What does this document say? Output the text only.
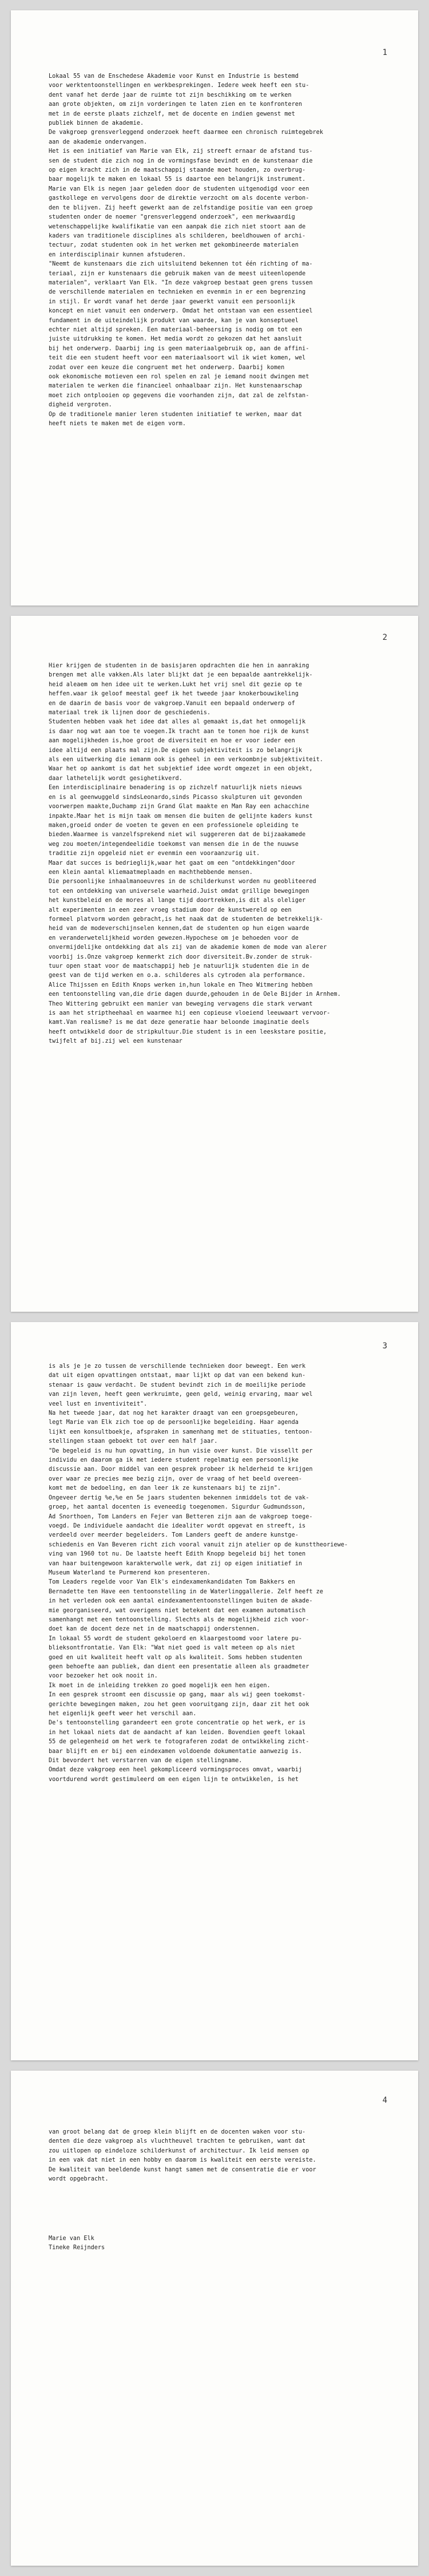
1
Lokaal 55 van de Enschedese Akademie voor Kunst en Industrie is bestemd
voor werktentoonstellingen en werkbesprekingen. Iedere week heeft een stu-
dent vanaf het derde jaar de ruimte tot zijn beschikking om te werken
aan grote objekten, om zijn vorderingen te laten zien en te konfronteren
met in de eerste plaats zichzelf, met de docente en indien gewenst met
publiek binnen de akademie.
De vakgroep grensverleggend onderzoek heeft daarmee een chronisch ruimtegebrek
aan de akademie ondervangen.
Het is een initiatief van Marie van Elk, zij streeft ernaar de afstand tus-
sen de student die zich nog in de vormingsfase bevindt en de kunstenaar die
op eigen kracht zich in de maatschappij staande moet houden, zo overbrug-
baar mogelijk te maken en lokaal 55 is daartoe een belangrijk instrument.
Marie van Elk is negen jaar geleden door de studenten uitgenodigd voor een
gastkollege en vervolgens door de direktie verzocht om als docente verbon-
den te blijven. Zij heeft gewerkt aan de zelfstandige positie van een groep
studenten onder de noemer "grensverleggend onderzoek", een merkwaardig
wetenschappelijke kwalifikatie van een aanpak die zich niet stoort aan de
kaders van traditionele disciplines als schilderen, beeldhouwen of archi-
tectuur, zodat studenten ook in het werken met gekombineerde materialen
en interdisciplinair kunnen afstuderen.
"Neemt de kunstenaars die zich uitsluitend bekennen tot één richting of ma-
teriaal, zijn er kunstenaars die gebruik maken van de meest uiteenlopende
materialen", verklaart Van Elk. "In deze vakgroep bestaat geen grens tussen
de verschillende materialen en technieken en evenmin in er een begrenzing
in stijl. Er wordt vanaf het derde jaar gewerkt vanuit een persoonlijk
koncept en niet vanuit een onderwerp. Omdat het ontstaan van een essentieel
fundament in de uiteindelijk produkt van waarde, kan je van konseptueel
echter niet altijd spreken. Een materiaal-beheersing is nodig om tot een
juiste uitdrukking te komen. Het media wordt zo gekozen dat het aansluit
bij het onderwerp. Daarbij ing is geen materiaalgebruik op, aan de affini-
teit die een student heeft voor een materiaalsoort wil ik wiet komen, wel
zodat over een keuze die congruent met het onderwerp. Daarbij komen
ook ekonomische motieven een rol spelen en zal je iemand nooit dwingen met
materialen te werken die financieel onhaalbaar zijn. Het kunstenaarschap
moet zich ontplooien op gegevens die voorhanden zijn, dat zal de zelfstan-
digheid vergroten.
Op de traditionele manier leren studenten initiatief te werken, maar dat
heeft niets te maken met de eigen vorm.
2
Hier krijgen de studenten in de basisjaren opdrachten die hen in aanraking
brengen met alle vakken.Als later blijkt dat je een bepaalde aantrekkelijk-
heid aleaem om hen idee uit te werken.Lukt het vrij snel dit gezie op te
heffen.waar ik geloof meestal geef ik het tweede jaar knokerbouwikeling
en de daarin de basis voor de vakgroep.Vanuit een bepaald onderwerp of
materiaal trek ik lijnen door de geschiedenis.
Studenten hebben vaak het idee dat alles al gemaakt is,dat het onmogelijk
is daar nog wat aan toe te voegen.Ik tracht aan te tonen hoe rijk de kunst
aan mogelijkheden is,hoe groot de diversiteit en hoe er voor ieder een
idee altijd een plaats mal zijn.De eigen subjektiviteit is zo belangrijk
als een uitwerking die iemanm ook is geheel in een verkoombnje subjektiviteit.
Waar het op aankomt is dat het subjektief idee wordt omgezet in een objekt,
daar lathetelijk wordt gesighetikverd.
Een interdisciplinaire benadering is op zichzelf natuurlijk niets nieuws
en is al geenwuggeld sindsLeonardo,sinds Picasso skulpturen uit gevonden
voorwerpen maakte,Duchamp zijn Grand Glat maakte en Man Ray een achacchine
inpakte.Maar het is mijn taak om mensen die buiten de gelijnte kaders kunst
maken,groeid onder de voeten te geven en een professionele opleiding te
bieden.Waarmee is vanzelfsprekend niet wil suggereren dat de bijzaakamede
weg zou moeten/integendeelidie toekomst van mensen die in de the nuuwse
traditie zijn opgeleid niet er evenmin een vooraanzurig uit.
Maar dat succes is bedrieglijk,waar het gaat om een "ontdekkingen"door
een klein aantal kliemaatmeplaadn en machthebbende mensen.
Die persoonlijke inhaalmanoeuvres in de schilderkunst worden nu geobliteered
tot een ontdekking van universele waarheid.Juist omdat grillige bewegingen
het kunstbeleid en de mores al lange tijd doortrekken,is dit als oleliger
alt experimenten in een zeer vroeg stadium door de kunstwereld op een
formeel platvorm worden gebracht,is het naak dat de studenten de betrekkelijk-
heid van de modeverschijnselen kennen,dat de studenten op hun eigen waarde
en veranderwetelijkheid worden gewezen.Hypochese om je behoeden voor de
onvermijdelijke ontdekking dat als zij van de akademie komen de mode van alerer
voorbij is.Onze vakgroep kenmerkt zich door diversiteit.Bv.zonder de struk-
tuur open staat voor de maatschappij heb je natuurlijk studenten die in de
geest van de tijd werken en o.a. schilderes als cytroden ala performance.
Alice Thijssen en Edith Knops werken in,hun lokale en Theo Witmering hebben
een tentoonstelling van,die drie dagen duurde,gehouden in de Oele Bijder in Arnhem.
Theo Wittering gebruikt een manier van beweging vervagens die stark verwant
is aan het striptheehaal en waarmee hij een copieuse vloeiend leeuwaart vervoor-
kamt.Van realisme? is me dat deze generatie haar beloonde imaginatie deels
heeft ontwikkeld door de stripkultuur.Die student is in een leeskstare positie,
twijfelt af bij.zij wel een kunstenaar
3
is als je je zo tussen de verschillende technieken door beweegt. Een werk
dat uit eigen opvattingen ontstaat, maar lijkt op dat van een bekend kun-
stenaar is gauw verdacht. De student bevindt zich in de moeilijke periode
van zijn leven, heeft geen werkruimte, geen geld, weinig ervaring, maar wel
veel lust en inventiviteit".
Na het tweede jaar, dat nog het karakter draagt van een groepsgebeuren,
legt Marie van Elk zich toe op de persoonlijke begeleiding. Haar agenda
lijkt een konsultboekje, afspraken in samenhang met de stituaties, tentoon-
stellingen staan geboekt tot over een half jaar.
"De begeleid is nu hun opvatting, in hun visie over kunst. Die vissellt per
individu en daarom ga ik met iedere student regelmatig een persoonlijke
discussie aan. Door middel van een gesprek probeer ik helderheid te krijgen
over waar ze precies mee bezig zijn, over de vraag of het beeld overeen-
komt met de bedoeling, en dan leer ik ze kunstenaars bij te zijn".
Ongeveer dertig %e,%e en 5e jaars studenten bekennen inmiddels tot de vak-
groep, het aantal docenten is eveneedig toegenomen. Sigurdur Gudmundsson,
Ad Snorthoen, Tom Landers en Fejer van Betteren zijn aan de vakgroep toege-
voegd. De individuele aandacht die idealiter wordt opgevat en streeft, is
verdeeld over meerder begeleiders. Tom Landers geeft de andere kunstge-
schiedenis en Van Beveren richt zich vooral vanuit zijn atelier op de kunsttheoriewe-
ving van 1960 tot nu. De laatste heeft Edith Knopp begeleid bij het tonen
van haar buitengewoon karakterwolle werk, dat zij op eigen initiatief in
Museum Waterland te Purmerend kon presenteren.
Tom Leaders regelde voor Van Elk's eindexamenkandidaten Tom Bakkers en
Bernadette ten Have een tentoonstelling in de Waterlinggallerie. Zelf heeft ze
in het verleden ook een aantal eindexamententoonstellingen buiten de akade-
mie georganiseerd, wat overigens niet betekent dat een examen automatisch
samenhangt met een tentoonstelling. Slechts als de mogelijkheid zich voor-
doet kan de docent deze net in de maatschappij onderstennen.
In lokaal 55 wordt de student gekoloerd en klaargestoomd voor latere pu-
blieksontfrontatie. Van Elk: "Wat niet goed is valt meteen op als niet
goed en uit kwaliteit heeft valt op als kwaliteit. Soms hebben studenten
geen behoefte aan publiek, dan dient een presentatie alleen als graadmeter
voor bezoeker het ook nooit in.
Ik moet in de inleiding trekken zo goed mogelijk een hen eigen.
In een gesprek stroomt een discussie op gang, maar als wij geen toekomst-
gerichte bewegingen maken, zou het geen vooruitgang zijn, daar zit het ook
het eigenlijk geeft weer het verschil aan.
De's tentoonstelling garandeert een grote concentratie op het werk, er is
in het lokaal niets dat de aandacht af kan leiden. Bovendien geeft lokaal
55 de gelegenheid om het werk te fotograferen zodat de ontwikkeling zicht-
baar blijft en er bij een eindexamen voldoende dokumentatie aanwezig is.
Dit bevordert het verstarren van de eigen stellingname.
Omdat deze vakgroep een heel gekompliceerd vormingsproces omvat, waarbij
voortdurend wordt gestimuleerd om een eigen lijn te ontwikkelen, is het
4
van groot belang dat de groep klein blijft en de docenten waken voor stu-
denten die deze vakgroep als vluchtheuvel trachten te gebruiken, want dat
zou uitlopen op eindeloze schilderkunst of architectuur. Ik leid mensen op
in een vak dat niet in een hobby en daarom is kwaliteit een eerste vereiste.
De kwaliteit van beeldende kunst hangt samen met de consentratie die er voor
wordt opgebracht.
Marie van Elk
Tineke Reijnders
